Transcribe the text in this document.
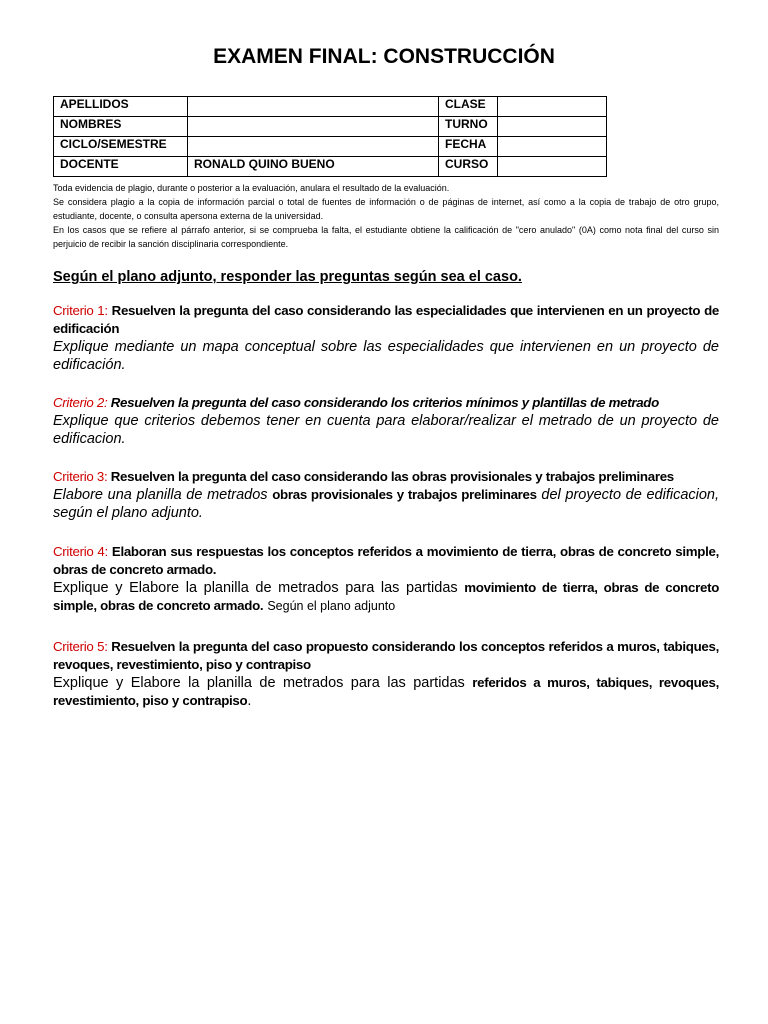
EXAMEN FINAL: CONSTRUCCIÓN
APELLIDOS		CLASE	
NOMBRES		TURNO	
CICLO/SEMESTRE		FECHA	
DOCENTE	RONALD QUINO BUENO	CURSO	

Toda evidencia de plagio, durante o posterior a la evaluación, anulara el resultado de la evaluación.

Se considera plagio a la copia de información parcial o total de fuentes de información o de páginas de internet, así como a la copia de trabajo de otro grupo, estudiante, docente, o consulta apersona externa de la universidad.

En los casos que se refiere al párrafo anterior, si se comprueba la falta, el estudiante obtiene la calificación de "cero anulado" (0A) como nota final del curso sin perjuicio de recibir la sanción disciplinaria correspondiente.

Según el plano adjunto, responder las preguntas según sea el caso.
Criterio 1: Resuelven la pregunta del caso considerando las especialidades que intervienen en un proyecto de edificación
Explique mediante un mapa conceptual sobre las especialidades que intervienen en un proyecto de edificación.
Criterio 2: Resuelven la pregunta del caso considerando los criterios mínimos y plantillas de metrado
Explique que criterios debemos tener en cuenta para elaborar/realizar el metrado de un proyecto de edificacion.
Criterio 3: Resuelven la pregunta del caso considerando las obras provisionales y trabajos preliminares
Elabore una planilla de metrados obras provisionales y trabajos preliminares del proyecto de edificacion, según el plano adjunto.
Criterio 4: Elaboran sus respuestas los conceptos referidos a movimiento de tierra, obras de concreto simple, obras de concreto armado.
Explique y Elabore la planilla de metrados para las partidas movimiento de tierra, obras de concreto simple, obras de concreto armado. Según el plano adjunto
Criterio 5: Resuelven la pregunta del caso propuesto considerando los conceptos referidos a muros, tabiques, revoques, revestimiento, piso y contrapiso
Explique y Elabore la planilla de metrados para las partidas referidos a muros, tabiques, revoques, revestimiento, piso y contrapiso.
